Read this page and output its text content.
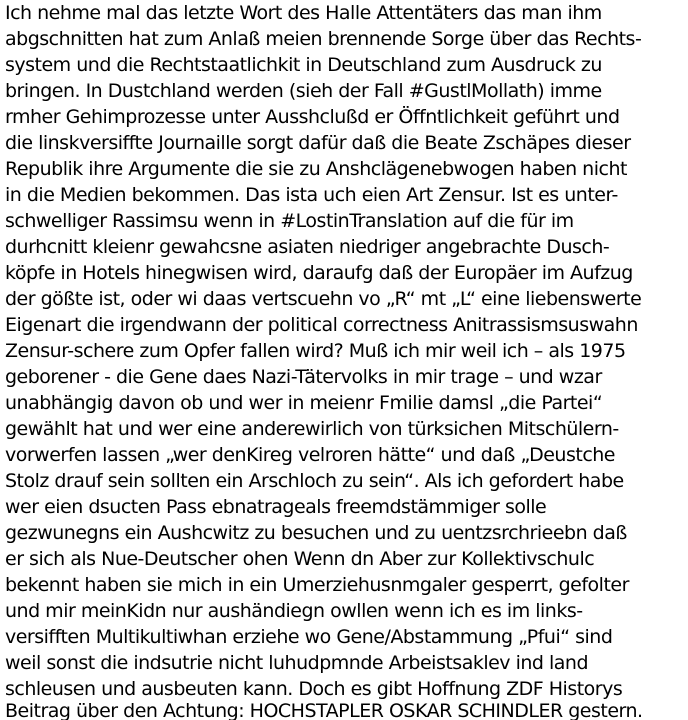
Ich nehme mal das letzte Wort des Halle Attentäters das man ihm

abgschnitten hat zum Anlaß meien brennende Sorge über das Rechts-

system und die Rechtstaatlichkit in Deutschland zum Ausdruck zu

bringen. In Dustchland werden (sieh der Fall #GustlMollath) imme

rmher Gehimprozesse unter Ausshclußd er Öffntlichkeit geführt und

die linskversiffte Journaille sorgt dafür daß die Beate Zschäpes dieser

Republik ihre Argumente die sie zu Anshclägenebwogen haben nicht

in die Medien bekommen. Das ista uch eien Art Zensur. Ist es unter-

schwelliger Rassimsu wenn in #LostinTranslation auf die für im

durhcnitt kleienr gewahcsne asiaten niedriger angebrachte Dusch-

köpfe in Hotels hinegwisen wird, daraufg daß der Europäer im Aufzug

der gößte ist, oder wi daas vertscuehn vo „R“ mt „L“ eine liebenswerte

Eigenart die irgendwann der political correctness Anitrassismsuswahn

Zensur-schere zum Opfer fallen wird? Muß ich mir weil ich – als 1975

geborener - die Gene daes Nazi-Tätervolks in mir trage – und wzar

unabhängig davon ob und wer in meienr Fmilie damsl „die Partei“

gewählt hat und wer eine anderewirlich von türksichen Mitschülern-

vorwerfen lassen „wer denKireg velroren hätte“ und daß „Deustche

Stolz drauf sein sollten ein Arschloch zu sein“. Als ich gefordert habe

wer eien dsucten Pass ebnatrageals freemdstämmiger solle

gezwunegns ein Aushcwitz zu besuchen und zu uentzsrchrieebn daß

er sich als Nue-Deutscher ohen Wenn dn Aber zur Kollektivschulc

bekennt haben sie mich in ein Umerziehusnmgaler gesperrt, gefolter

und mir meinKidn nur aushändiegn owllen wenn ich es im links-

versifften Multikultiwhan erziehe wo Gene/Abstammung „Pfui“ sind

weil sonst die indsutrie nicht luhudpmnde Arbeistsaklev ind land

schleusen und ausbeuten kann. Doch es gibt Hoffnung ZDF Historys

Beitrag über den Achtung: HOCHSTAPLER OSKAR SCHINDLER gestern.
